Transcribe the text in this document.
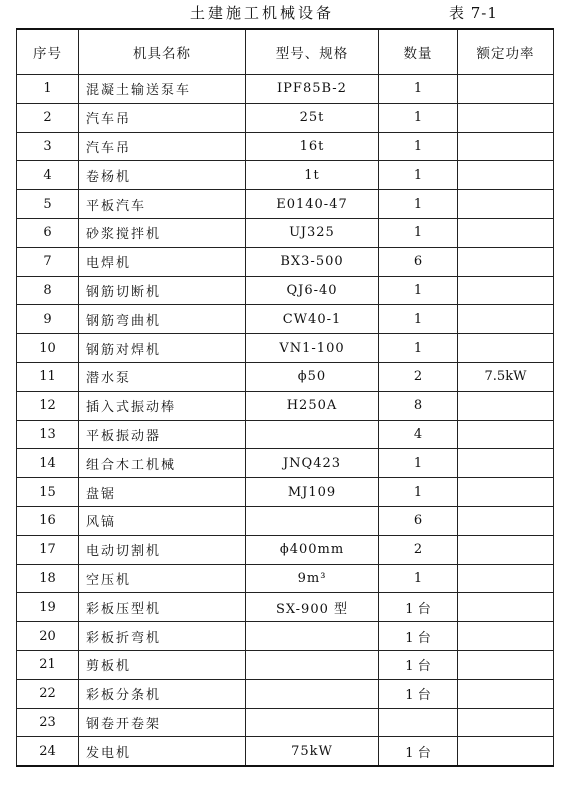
土建施工机械设备	表 7-1
序号	机具名称	型号、规格	数量	额定功率
1	混凝土输送泵车	IPF85B-2	1	
2	汽车吊	25t	1	
3	汽车吊	16t	1	
4	卷杨机	1t	1	
5	平板汽车	E0140-47	1	
6	砂浆搅拌机	UJ325	1	
7	电焊机	BX3-500	6	
8	钢筋切断机	QJ6-40	1	
9	钢筋弯曲机	CW40-1	1	
10	钢筋对焊机	VN1-100	1	
11	潜水泵	ϕ50	2	7.5kW
12	插入式振动棒	H250A	8	
13	平板振动器		4	
14	组合木工机械	JNQ423	1	
15	盘锯	MJ109	1	
16	风镐		6	
17	电动切割机	ϕ400mm	2	
18	空压机	9m³	1	
19	彩板压型机	SX-900 型	1 台	
20	彩板折弯机		1 台	
21	剪板机		1 台	
22	彩板分条机		1 台	
23	钢卷开卷架			
24	发电机	75kW	1 台	
